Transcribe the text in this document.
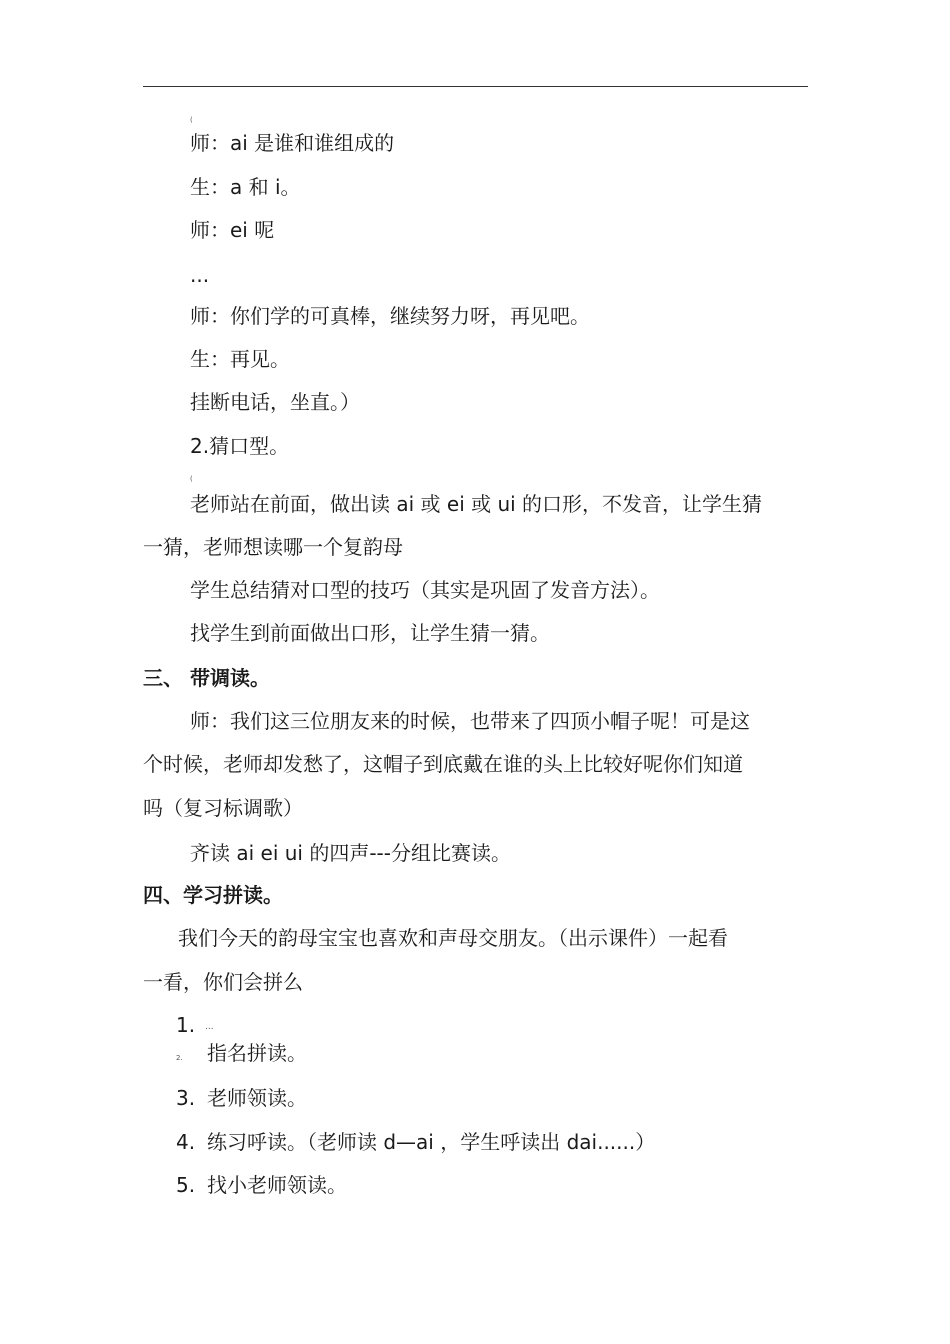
(
师：ai 是谁和谁组成的
生：a 和 i。
师：ei 呢
...
师：你们学的可真棒，继续努力呀，再见吧。
生：再见。
挂断电话，坐直。）
2.猜口型。
(
老师站在前面，做出读 ai 或 ei 或 ui 的口形，不发音，让学生猜
一猜，老师想读哪一个复韵母
学生总结猜对口型的技巧（其实是巩固了发音方法）。
找学生到前面做出口形，让学生猜一猜。
三、 带调读。
师：我们这三位朋友来的时候，也带来了四顶小帽子呢！可是这
个时候，老师却发愁了，这帽子到底戴在谁的头上比较好呢你们知道
吗（复习标调歌）
齐读 ai ei ui 的四声---分组比赛读。
四、学习拼读。
我们今天的韵母宝宝也喜欢和声母交朋友。（出示课件）一起看
一看，你们会拼么
1. ...
2. 指名拼读。
3. 老师领读。
4. 练习呼读。（老师读 d—ai ，学生呼读出 dai......）
5. 找小老师领读。
